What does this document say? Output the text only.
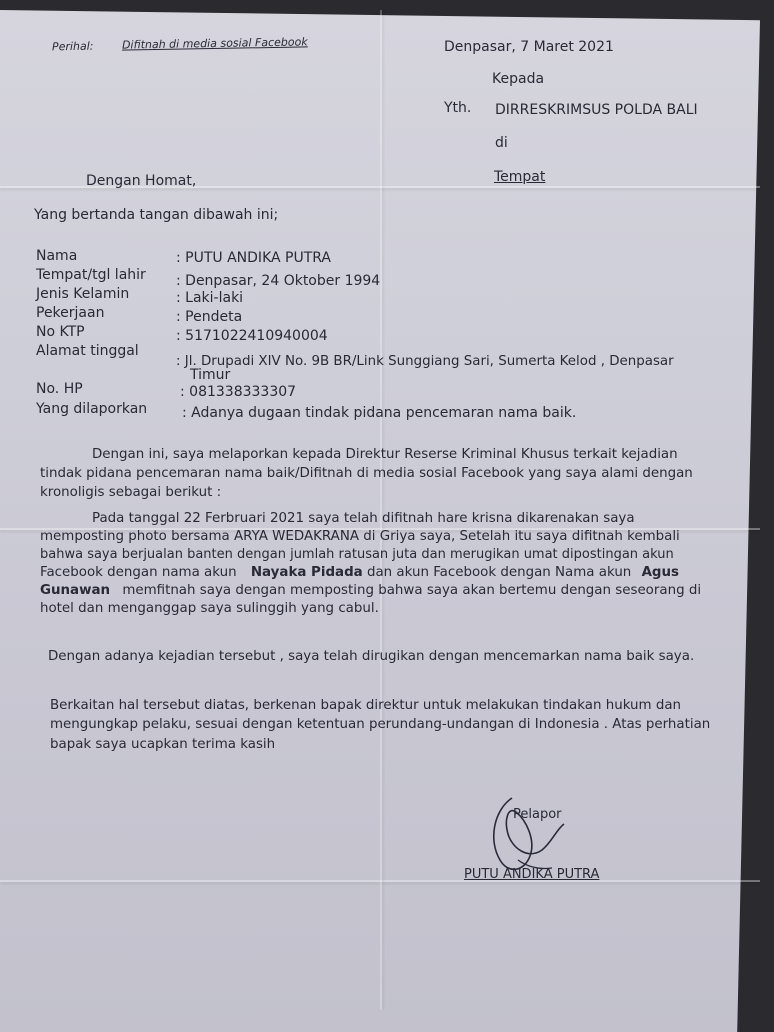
Perihal:	Difitnah di media sosial Facebook	Denpasar, 7 Maret 2021
Kepada
Yth. DIRRESKRIMSUS POLDA BALI
di
Tempat
Dengan Homat,
Yang bertanda tangan dibawah ini;
Nama	: PUTU ANDIKA PUTRA
Tempat/tgl lahir : Denpasar, 24 Oktober 1994
Jenis Kelamin	: Laki-laki
Pekerjaan	: Pendeta
No KTP	: 5171022410940004
Alamat tinggal
: Jl. Drupadi XIV No. 9B BR/Link Sunggiang Sari, Sumerta Kelod , Denpasar
Timur
No. HP	: 081338333307
Yang dilaporkan : Adanya dugaan tindak pidana pencemaran nama baik.
Dengan ini, saya melaporkan kepada Direktur Reserse Kriminal Khusus terkait kejadian
tindak pidana pencemaran nama baik/Difitnah di media sosial Facebook yang saya alami dengan
kronoligis sebagai berikut :
Pada tanggal 22 Ferbruari 2021 saya telah difitnah hare krisna dikarenakan saya
memposting photo bersama ARYA WEDAKRANA di Griya saya, Setelah itu saya difitnah kembali
bahwa saya berjualan banten dengan jumlah ratusan juta dan merugikan umat dipostingan akun
Facebook dengan nama akun Nayaka Pidada dan akun Facebook dengan Nama akun Agus
Gunawan memfitnah saya dengan memposting bahwa saya akan bertemu dengan seseorang di
hotel dan menganggap saya sulinggih yang cabul.
Dengan adanya kejadian tersebut , saya telah dirugikan dengan mencemarkan nama baik saya.
Berkaitan hal tersebut diatas, berkenan bapak direktur untuk melakukan tindakan hukum dan
mengungkap pelaku, sesuai dengan ketentuan perundang-undangan di Indonesia . Atas perhatian
bapak saya ucapkan terima kasih
Pelapor
PUTU ANDIKA PUTRA
